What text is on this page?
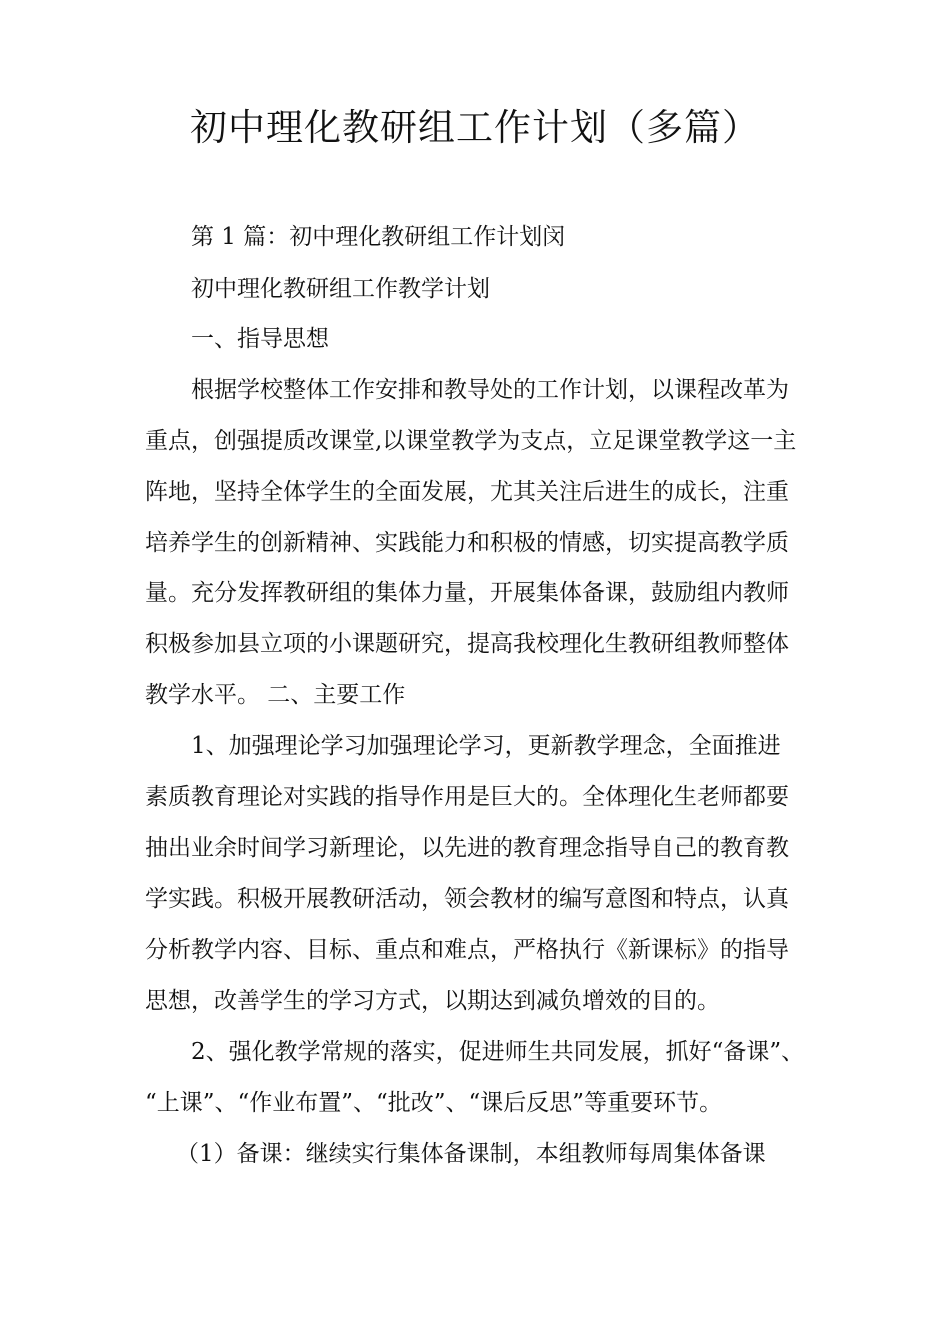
初中理化教研组工作计划（多篇）

第 1 篇：初中理化教研组工作计划闵

初中理化教研组工作教学计划

一、指导思想

根据学校整体工作安排和教导处的工作计划，以课程改革为

重点，创强提质改课堂,以课堂教学为支点，立足课堂教学这一主

阵地，坚持全体学生的全面发展，尤其关注后进生的成长，注重

培养学生的创新精神、实践能力和积极的情感，切实提高教学质

量。充分发挥教研组的集体力量，开展集体备课，鼓励组内教师

积极参加县立项的小课题研究，提高我校理化生教研组教师整体

教学水平。 二、主要工作

1、加强理论学习加强理论学习，更新教学理念，全面推进

素质教育理论对实践的指导作用是巨大的。全体理化生老师都要

抽出业余时间学习新理论，以先进的教育理念指导自己的教育教

学实践。积极开展教研活动，领会教材的编写意图和特点，认真

分析教学内容、目标、重点和难点，严格执行《新课标》的指导

思想，改善学生的学习方式，以期达到减负增效的目的。

2、强化教学常规的落实，促进师生共同发展，抓好“备课”、

“上课”、“作业布置”、“批改”、“课后反思”等重要环节。

（1）备课：继续实行集体备课制，本组教师每周集体备课
